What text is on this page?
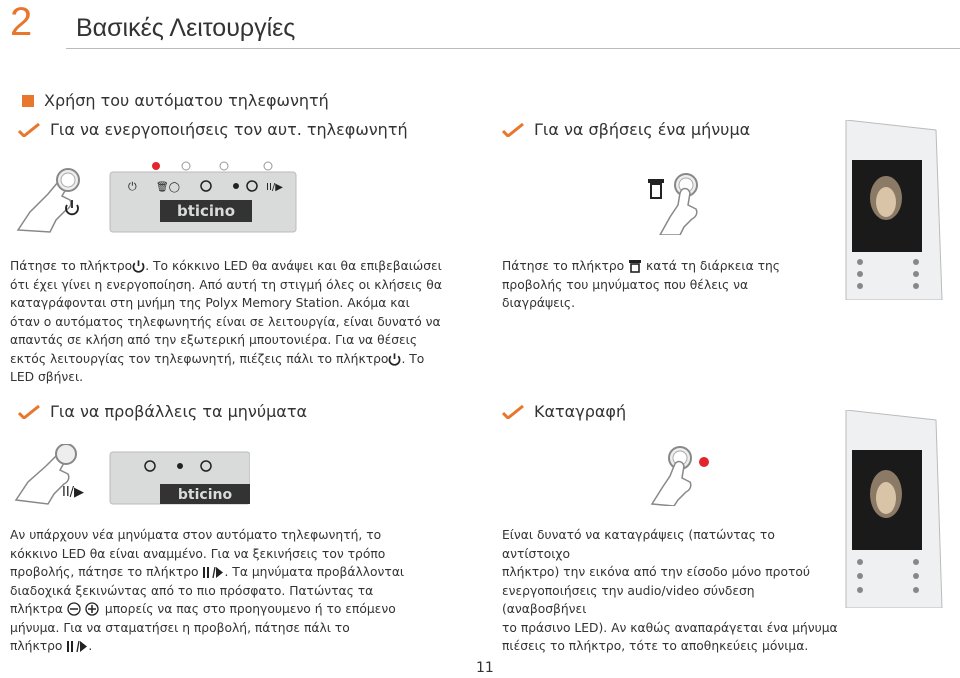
2 Βασικές Λειτουργίες
Χρήση του αυτόματου τηλεφωνητή
Για να ενεργοποιήσεις τον αυτ. τηλεφωνητή	Για να σβήσεις ένα μήνυμα
⏻ 🗑◯	II/▶
bticino
Πάτησε το πλήκτρο . Το κόκκινο LED θα ανάψει και θα επιβεβαιώσει
ότι έχει γίνει η ενεργοποίηση. Από αυτή τη στιγμή όλες οι κλήσεις θα
καταγράφονται στη μνήμη της Polyx Memory Station. Ακόμα και
όταν ο αυτόματος τηλεφωνητής είναι σε λειτουργία, είναι δυνατό να
απαντάς σε κλήση από την εξωτερική μπουτονιέρα. Για να θέσεις
εκτός λειτουργίας τον τηλεφωνητή, πιέζεις πάλι το πλήκτρο . Το
LED σβήνει.
Πάτησε το πλήκτρο κατά τη διάρκεια της
προβολής του μηνύματος που θέλεις να διαγράψεις.
Για να προβάλλεις τα μηνύματα	Καταγραφή
II/▶	bticino
Αν υπάρχουν νέα μηνύματα στον αυτόματο τηλεφωνητή, το
κόκκινο LED θα είναι αναμμένο. Για να ξεκινήσεις τον τρόπο
προβολής, πάτησε το πλήκτρο . Τα μηνύματα προβάλλονται
διαδοχικά ξεκινώντας από το πιο πρόσφατο. Πατώντας τα
πλήκτρα	μπορείς να πας στο προηγουμενο ή το επόμενο
μήνυμα. Για να σταματήσει η προβολή, πάτησε πάλι το
πλήκτρο .
Είναι δυνατό να καταγράψεις (πατώντας το αντίστοιχο
πλήκτρο) την εικόνα από την είσοδο μόνο προτού
ενεργοποιήσεις την audio/video σύνδεση (αναβοσβήνει
το πράσινο LED). Αν καθώς αναπαράγεται ένα μήνυμα
πιέσεις το πλήκτρο, τότε το αποθηκεύεις μόνιμα.
11
